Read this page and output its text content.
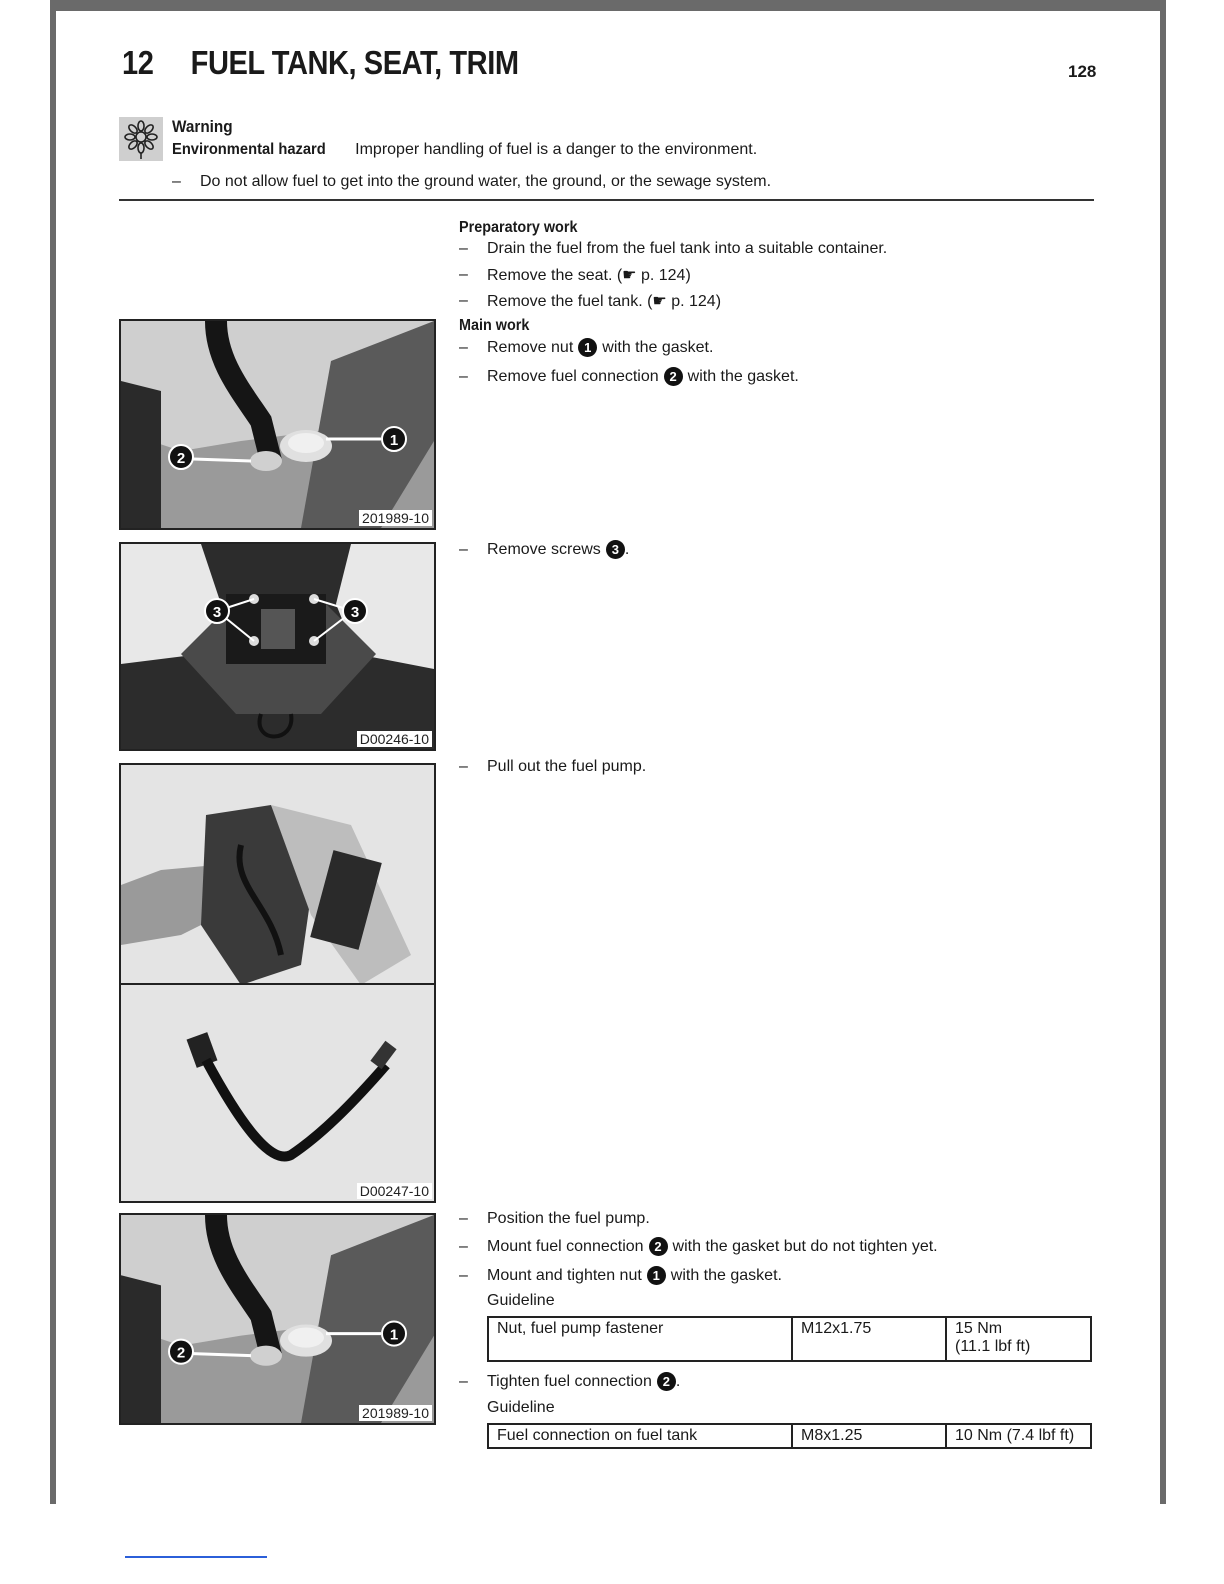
12 FUEL TANK, SEAT, TRIM	128
Warning
Environmental hazard Improper handling of fuel is a danger to the environment.
– Do not allow fuel to get into the ground water, the ground, or the sewage system.
Preparatory work
–	Drain the fuel from the fuel tank into a suitable container.
–	Remove the seat. (☛ p. 124)
–	Remove the fuel tank. (☛ p. 124)
Main work
–	Remove nut 1 with the gasket.
–	Remove fuel connection 2 with the gasket.
–	Remove screws 3 .
–	Pull out the fuel pump.
–	Position the fuel pump.
–	Mount fuel connection 2 with the gasket but do not tighten yet.
–	Mount and tighten nut 1 with the gasket.
Guideline
Nut, fuel pump fastener	M12x1.75	15 Nm
(11.1 lbf ft)
–	Tighten fuel connection 2 .
Guideline
Fuel connection on fuel tank	M8x1.25	10 Nm (7.4 lbf ft)
2
1
201989-10
3	3
D00246-10
D00247-10
2
1
201989-10
